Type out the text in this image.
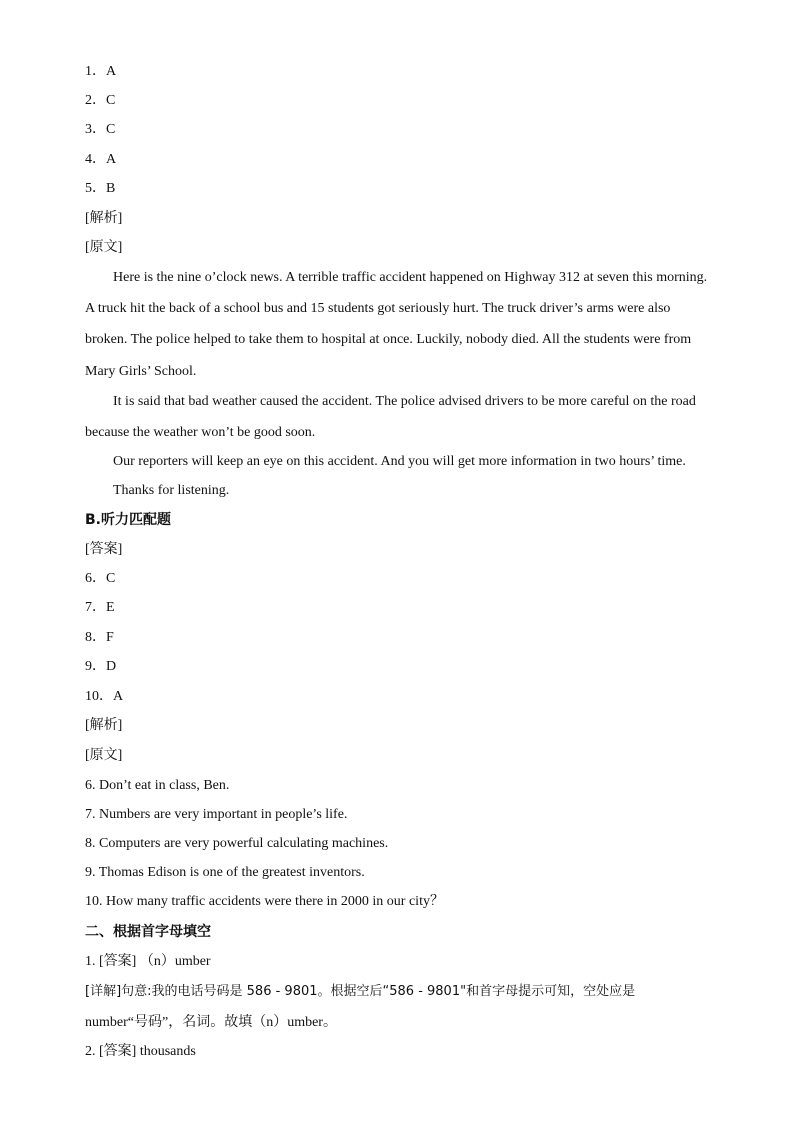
1．A
2．C
3．C
4．A
5．B
[解析]
[原文]
Here is the nine o’clock news. A terrible traffic accident happened on Highway 312 at seven this morning.
A truck hit the back of a school bus and 15 students got seriously hurt. The truck driver’s arms were also
broken. The police helped to take them to hospital at once. Luckily, nobody died. All the students were from
Mary Girls’ School.
It is said that bad weather caused the accident. The police advised drivers to be more careful on the road
because the weather won’t be good soon.
Our reporters will keep an eye on this accident. And you will get more information in two hours’ time.
Thanks for listening.
B.听力匹配题
[答案]
6．C
7．E
8．F
9．D
10．A
[解析]
[原文]
6. Don’t eat in class, Ben.
7. Numbers are very important in people’s life.
8. Computers are very powerful calculating machines.
9. Thomas Edison is one of the greatest inventors.
10. How many traffic accidents were there in 2000 in our city？
二、根据首字母填空
1. [答案] （n）umber
[详解]句意:我的电话号码是 586 - 9801。根据空后“586 - 9801"和首字母提示可知，空处应是
number“号码”，名词。故填（n）umber。
2. [答案] thousands
